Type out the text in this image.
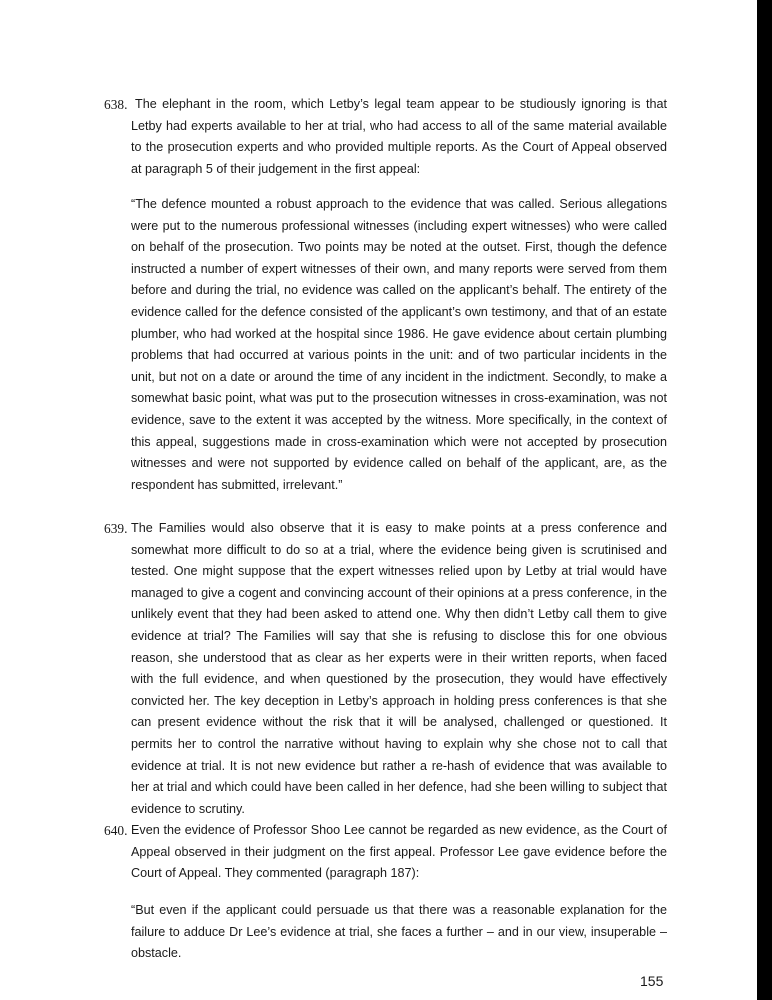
638. The elephant in the room, which Letby’s legal team appear to be studiously ignoring is that Letby had experts available to her at trial, who had access to all of the same material available to the prosecution experts and who provided multiple reports. As the Court of Appeal observed at paragraph 5 of their judgement in the first appeal:
“The defence mounted a robust approach to the evidence that was called. Serious allegations were put to the numerous professional witnesses (including expert witnesses) who were called on behalf of the prosecution. Two points may be noted at the outset. First, though the defence instructed a number of expert witnesses of their own, and many reports were served from them before and during the trial, no evidence was called on the applicant’s behalf. The entirety of the evidence called for the defence consisted of the applicant’s own testimony, and that of an estate plumber, who had worked at the hospital since 1986. He gave evidence about certain plumbing problems that had occurred at various points in the unit: and of two particular incidents in the unit, but not on a date or around the time of any incident in the indictment. Secondly, to make a somewhat basic point, what was put to the prosecution witnesses in cross-examination, was not evidence, save to the extent it was accepted by the witness. More specifically, in the context of this appeal, suggestions made in cross-examination which were not accepted by prosecution witnesses and were not supported by evidence called on behalf of the applicant, are, as the respondent has submitted, irrelevant.”
639. The Families would also observe that it is easy to make points at a press conference and somewhat more difficult to do so at a trial, where the evidence being given is scrutinised and tested. One might suppose that the expert witnesses relied upon by Letby at trial would have managed to give a cogent and convincing account of their opinions at a press conference, in the unlikely event that they had been asked to attend one. Why then didn’t Letby call them to give evidence at trial? The Families will say that she is refusing to disclose this for one obvious reason, she understood that as clear as her experts were in their written reports, when faced with the full evidence, and when questioned by the prosecution, they would have effectively convicted her. The key deception in Letby’s approach in holding press conferences is that she can present evidence without the risk that it will be analysed, challenged or questioned. It permits her to control the narrative without having to explain why she chose not to call that evidence at trial. It is not new evidence but rather a re-hash of evidence that was available to her at trial and which could have been called in her defence, had she been willing to subject that evidence to scrutiny.
640. Even the evidence of Professor Shoo Lee cannot be regarded as new evidence, as the Court of Appeal observed in their judgment on the first appeal. Professor Lee gave evidence before the Court of Appeal. They commented (paragraph 187):
“But even if the applicant could persuade us that there was a reasonable explanation for the failure to adduce Dr Lee’s evidence at trial, she faces a further – and in our view, insuperable – obstacle.
155
